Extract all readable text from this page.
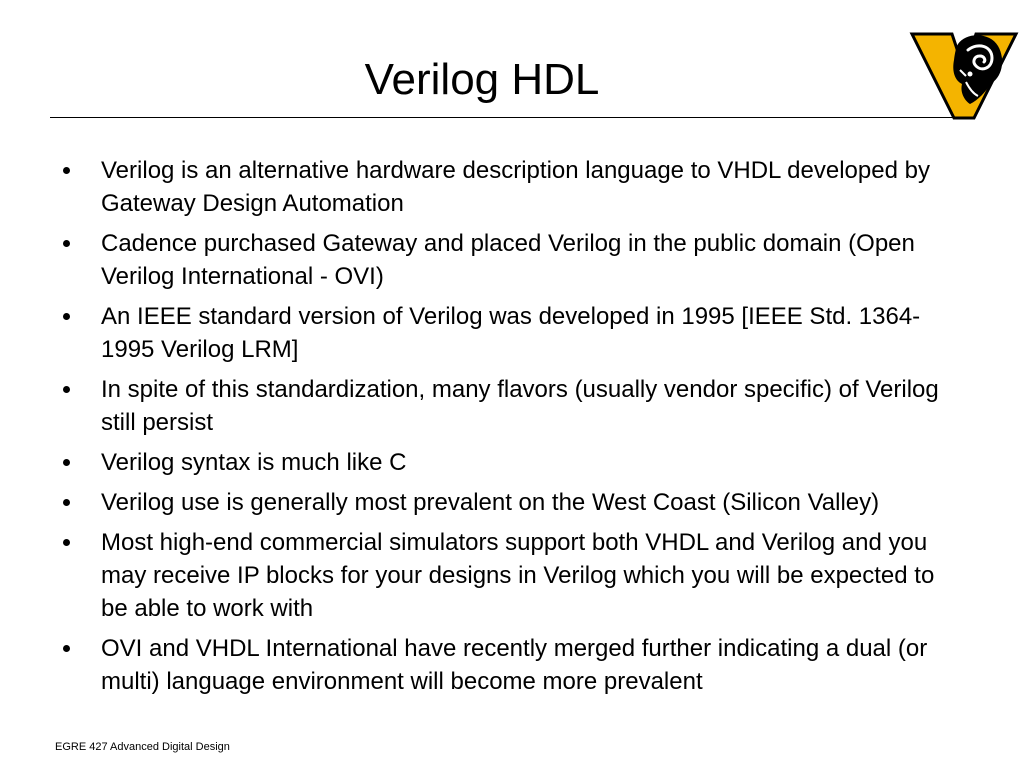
Verilog HDL
Verilog is an alternative hardware description language to VHDL developed by Gateway Design Automation
Cadence purchased Gateway and placed Verilog in the public domain (Open Verilog International - OVI)
An IEEE standard version of Verilog was developed in 1995 [IEEE Std. 1364-1995 Verilog LRM]
In spite of this standardization, many flavors (usually vendor specific) of Verilog still persist
Verilog syntax is much like C
Verilog use is generally most prevalent on the West Coast (Silicon Valley)
Most high-end commercial simulators support both VHDL and Verilog and you may receive IP blocks for your designs in Verilog which you will be expected to be able to work with
OVI and VHDL International have recently merged further indicating a dual (or multi) language environment will become more prevalent
EGRE 427 Advanced Digital Design
